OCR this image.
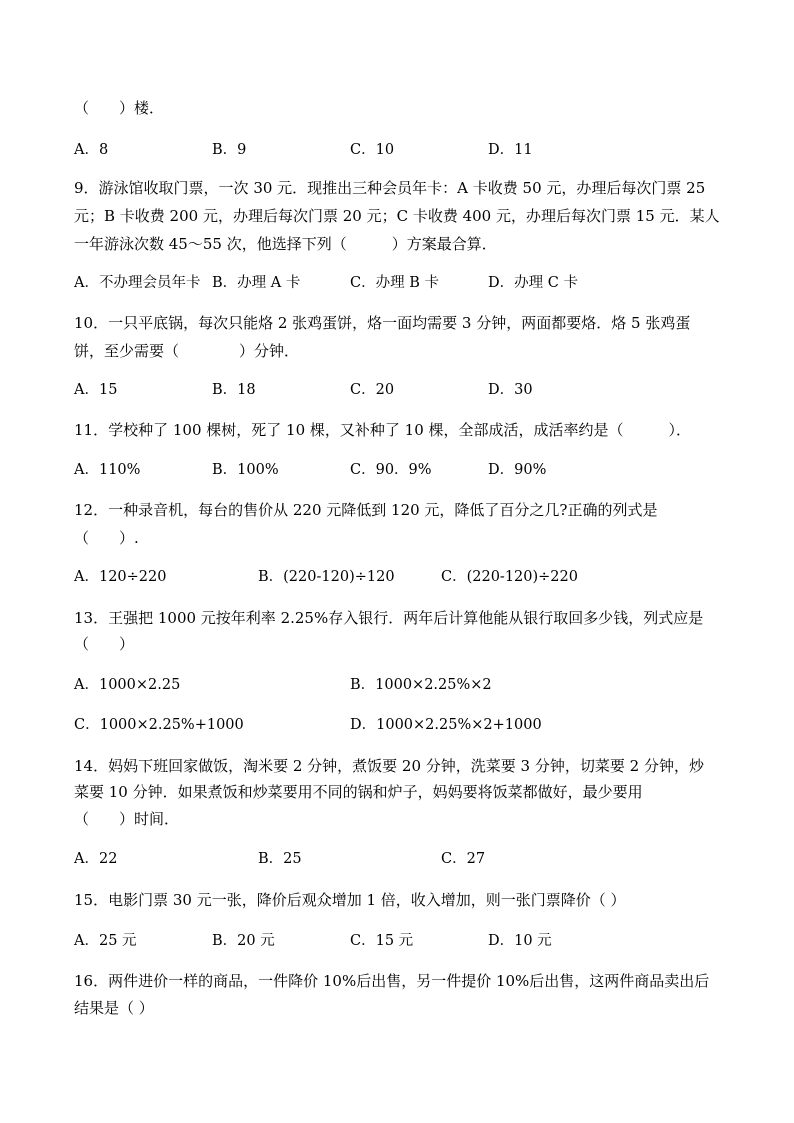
（　　）楼．
A．8	B．9	C．10	D．11
9．游泳馆收取门票，一次 30 元．现推出三种会员年卡：A 卡收费 50 元，办理后每次门票 25
元；B 卡收费 200 元，办理后每次门票 20 元；C 卡收费 400 元，办理后每次门票 15 元．某人
一年游泳次数 45～55 次，他选择下列（　　　）方案最合算．
A．不办理会员年卡 B．办理 A 卡	C．办理 B 卡	D．办理 C 卡
10．一只平底锅，每次只能烙 2 张鸡蛋饼，烙一面均需要 3 分钟，两面都要烙．烙 5 张鸡蛋
饼，至少需要（　　　　）分钟．
A．15	B．18	C．20	D．30
11．学校种了 100 棵树，死了 10 棵，又补种了 10 棵，全部成活，成活率约是（　　　）．
A．110%	B．100%	C．90．9%	D．90%
12．一种录音机，每台的售价从 220 元降低到 120 元，降低了百分之几?正确的列式是
（　　）.
A．120÷220	B．(220-120)÷120	C．(220-120)÷220
13．王强把 1000 元按年利率 2.25%存入银行．两年后计算他能从银行取回多少钱，列式应是
（　　）
A．1000×2.25	B．1000×2.25%×2
C．1000×2.25%+1000	D．1000×2.25%×2+1000
14．妈妈下班回家做饭，淘米要 2 分钟，煮饭要 20 分钟，洗菜要 3 分钟，切菜要 2 分钟，炒
菜要 10 分钟．如果煮饭和炒菜要用不同的锅和炉子，妈妈要将饭菜都做好，最少要用
（　　）时间．
A．22	B．25	C．27
15．电影门票 30 元一张，降价后观众增加 1 倍，收入增加，则一张门票降价（ ）
A．25 元	B．20 元	C．15 元	D．10 元
16．两件进价一样的商品，一件降价 10%后出售，另一件提价 10%后出售，这两件商品卖出后
结果是（ ）
